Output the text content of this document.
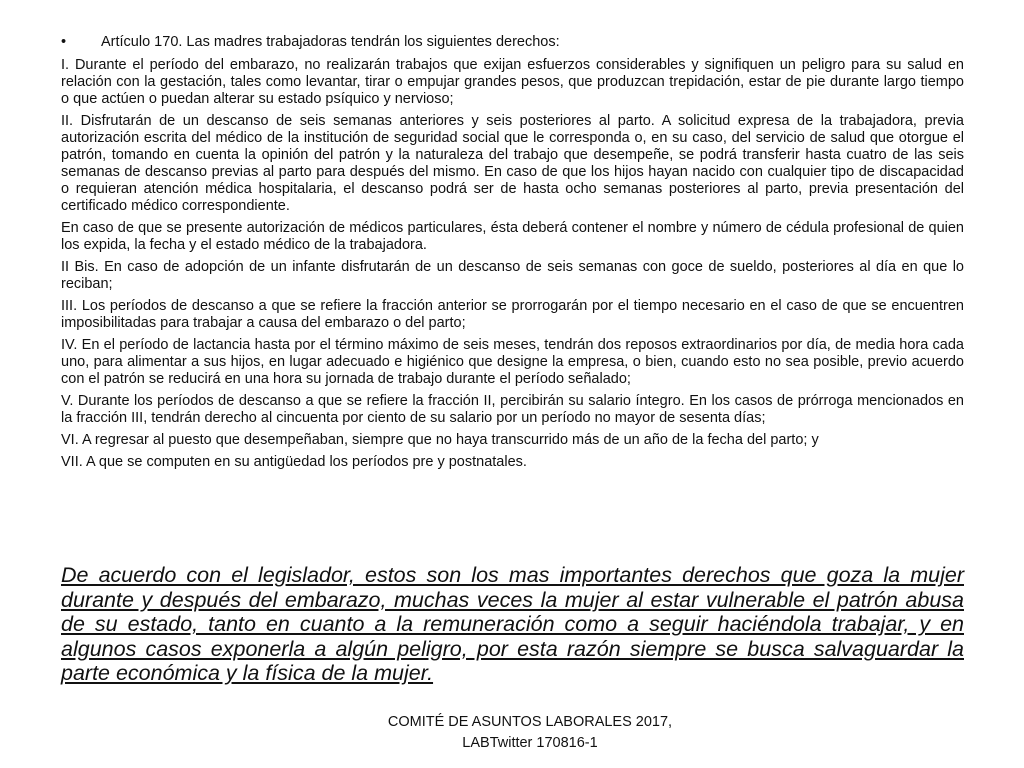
• Artículo 170. Las madres trabajadoras tendrán los siguientes derechos:

I. Durante el período del embarazo, no realizarán trabajos que exijan esfuerzos considerables y signifiquen un peligro para su salud en relación con la gestación, tales como levantar, tirar o empujar grandes pesos, que produzcan trepidación, estar de pie durante largo tiempo o que actúen o puedan alterar su estado psíquico y nervioso;

II. Disfrutarán de un descanso de seis semanas anteriores y seis posteriores al parto. A solicitud expresa de la trabajadora, previa autorización escrita del médico de la institución de seguridad social que le corresponda o, en su caso, del servicio de salud que otorgue el patrón, tomando en cuenta la opinión del patrón y la naturaleza del trabajo que desempeñe, se podrá transferir hasta cuatro de las seis semanas de descanso previas al parto para después del mismo. En caso de que los hijos hayan nacido con cualquier tipo de discapacidad o requieran atención médica hospitalaria, el descanso podrá ser de hasta ocho semanas posteriores al parto, previa presentación del certificado médico correspondiente.

En caso de que se presente autorización de médicos particulares, ésta deberá contener el nombre y número de cédula profesional de quien los expida, la fecha y el estado médico de la trabajadora.

II Bis. En caso de adopción de un infante disfrutarán de un descanso de seis semanas con goce de sueldo, posteriores al día en que lo reciban;

III. Los períodos de descanso a que se refiere la fracción anterior se prorrogarán por el tiempo necesario en el caso de que se encuentren imposibilitadas para trabajar a causa del embarazo o del parto;

IV. En el período de lactancia hasta por el término máximo de seis meses, tendrán dos reposos extraordinarios por día, de media hora cada uno, para alimentar a sus hijos, en lugar adecuado e higiénico que designe la empresa, o bien, cuando esto no sea posible, previo acuerdo con el patrón se reducirá en una hora su jornada de trabajo durante el período señalado;

V. Durante los períodos de descanso a que se refiere la fracción II, percibirán su salario íntegro. En los casos de prórroga mencionados en la fracción III, tendrán derecho al cincuenta por ciento de su salario por un período no mayor de sesenta días;

VI. A regresar al puesto que desempeñaban, siempre que no haya transcurrido más de un año de la fecha del parto; y

VII. A que se computen en su antigüedad los períodos pre y postnatales.

De acuerdo con el legislador, estos son los mas importantes derechos que goza la mujer durante y después del embarazo, muchas veces la mujer al estar vulnerable el patrón abusa de su estado, tanto en cuanto a la remuneración como a seguir haciéndola trabajar, y en algunos casos exponerla a algún peligro, por esta razón siempre se busca salvaguardar la parte económica y la física de la mujer.
COMITÉ DE ASUNTOS LABORALES 2017,
LABTwitter 170816-1
